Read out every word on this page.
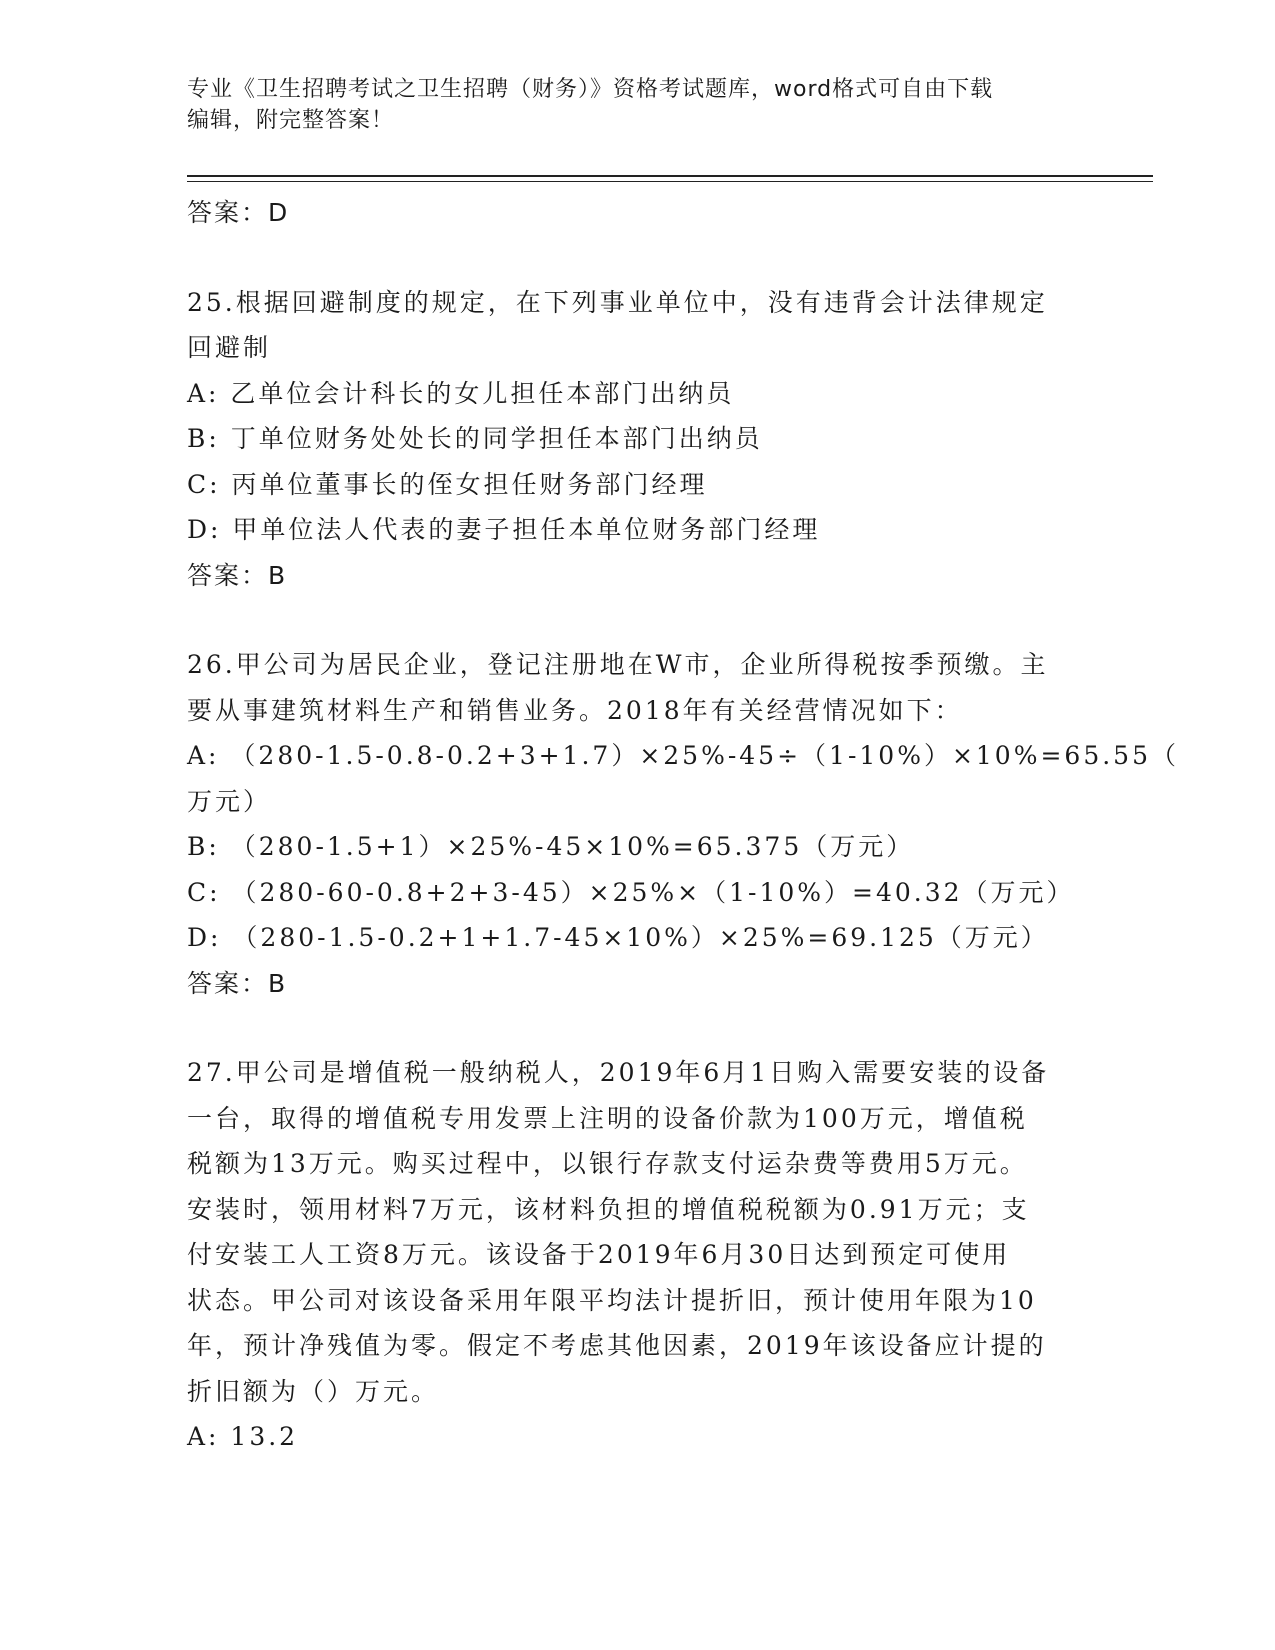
专业《卫生招聘考试之卫生招聘（财务）》资格考试题库，word格式可自由下载
编辑，附完整答案！
答案：D
25.根据回避制度的规定，在下列事业单位中，没有违背会计法律规定
回避制
A: 乙单位会计科长的女儿担任本部门出纳员
B: 丁单位财务处处长的同学担任本部门出纳员
C: 丙单位董事长的侄女担任财务部门经理
D: 甲单位法人代表的妻子担任本单位财务部门经理
答案：B
26.甲公司为居民企业，登记注册地在W市，企业所得税按季预缴。主
要从事建筑材料生产和销售业务。2018年有关经营情况如下：
A: （280-1.5-0.8-0.2+3+1.7）×25%-45÷（1-10%）×10%=65.55（
万元）
B: （280-1.5+1）×25%-45×10%=65.375（万元）
C: （280-60-0.8+2+3-45）×25%×（1-10%）=40.32（万元）
D: （280-1.5-0.2+1+1.7-45×10%）×25%=69.125（万元）
答案：B
27.甲公司是增值税一般纳税人，2019年6月1日购入需要安装的设备
一台，取得的增值税专用发票上注明的设备价款为100万元，增值税
税额为13万元。购买过程中，以银行存款支付运杂费等费用5万元。
安装时，领用材料7万元，该材料负担的增值税税额为0.91万元；支
付安装工人工资8万元。该设备于2019年6月30日达到预定可使用
状态。甲公司对该设备采用年限平均法计提折旧，预计使用年限为10
年，预计净残值为零。假定不考虑其他因素，2019年该设备应计提的
折旧额为（）万元。
A: 13.2
